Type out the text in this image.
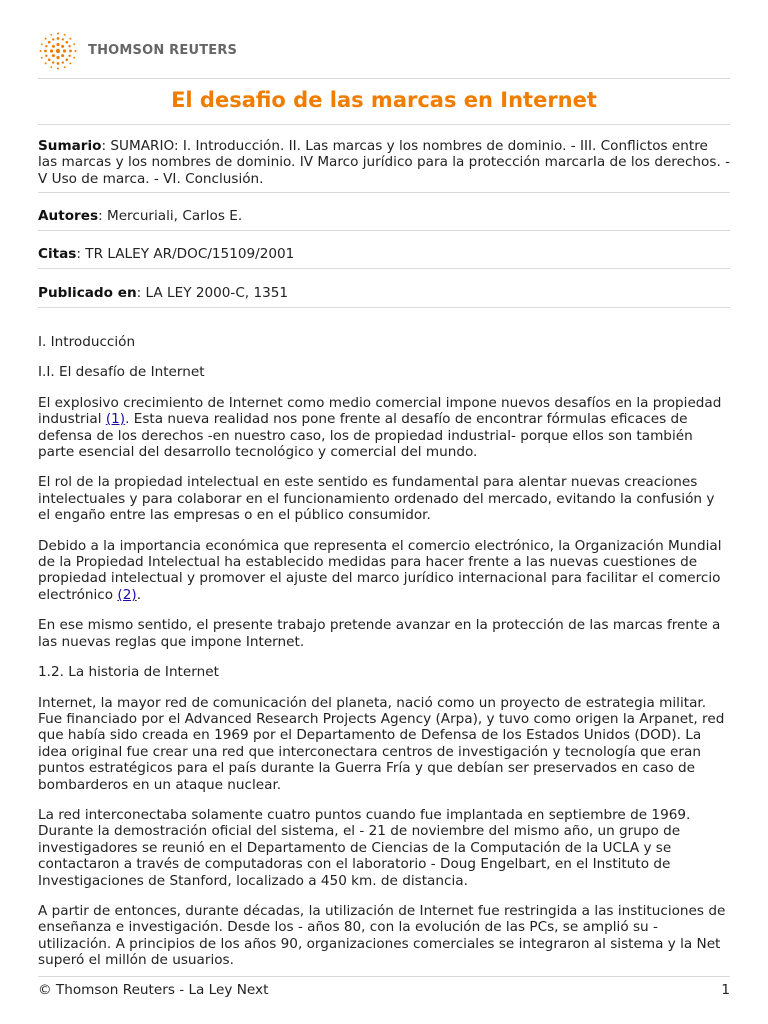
THOMSON REUTERS
El desafio de las marcas en Internet

Sumario: SUMARIO: I. Introducción. II. Las marcas y los nombres de dominio. - III. Conflictos entre las marcas y los nombres de dominio. IV Marco jurídico para la protección marcarIa de los derechos. - V Uso de marca. - VI. Conclusión.

Autores: Mercuriali, Carlos E.

Citas: TR LALEY AR/DOC/15109/2001

Publicado en: LA LEY 2000-C, 1351

I. Introducción

I.I. El desafío de Internet

El explosivo crecimiento de Internet como medio comercial impone nuevos desafíos en la propiedad industrial (1). Esta nueva realidad nos pone frente al desafío de encontrar fórmulas eficaces de defensa de los derechos -en nuestro caso, los de propiedad industrial- porque ellos son también parte esencial del desarrollo tecnológico y comercial del mundo.

El rol de la propiedad intelectual en este sentido es fundamental para alentar nuevas creaciones intelectuales y para colaborar en el funcionamiento ordenado del mercado, evitando la confusión y el engaño entre las empresas o en el público consumidor.

Debido a la importancia económica que representa el comercio electrónico, la Organización Mundial de la Propiedad Intelectual ha establecido medidas para hacer frente a las nuevas cuestiones de propiedad intelectual y promover el ajuste del marco jurídico internacional para facilitar el comercio electrónico (2).

En ese mismo sentido, el presente trabajo pretende avanzar en la protección de las marcas frente a las nuevas reglas que impone Internet.

1.2. La historia de Internet

Internet, la mayor red de comunicación del planeta, nació como un proyecto de estrategia militar. Fue financiado por el Advanced Research Projects Agency (Arpa), y tuvo como origen la Arpanet, red que había sido creada en 1969 por el Departamento de Defensa de los Estados Unidos (DOD). La idea original fue crear una red que interconectara centros de investigación y tecnología que eran puntos estratégicos para el país durante la Guerra Fría y que debían ser preservados en caso de bombarderos en un ataque nuclear.

La red interconectaba solamente cuatro puntos cuando fue implantada en septiembre de 1969. Durante la demostración oficial del sistema, el - 21 de noviembre del mismo año, un grupo de investigadores se reunió en el Departamento de Ciencias de la Computación de la UCLA y se contactaron a través de computadoras con el laboratorio - Doug Engelbart, en el Instituto de Investigaciones de Stanford, localizado a 450 km. de distancia.

A partir de entonces, durante décadas, la utilización de Internet fue restringida a las instituciones de enseñanza e investigación. Desde los - años 80, con la evolución de las PCs, se amplió su - utilización. A principios de los años 90, organizaciones comerciales se integraron al sistema y la Net superó el millón de usuarios.

© Thomson Reuters - La Ley Next	1
